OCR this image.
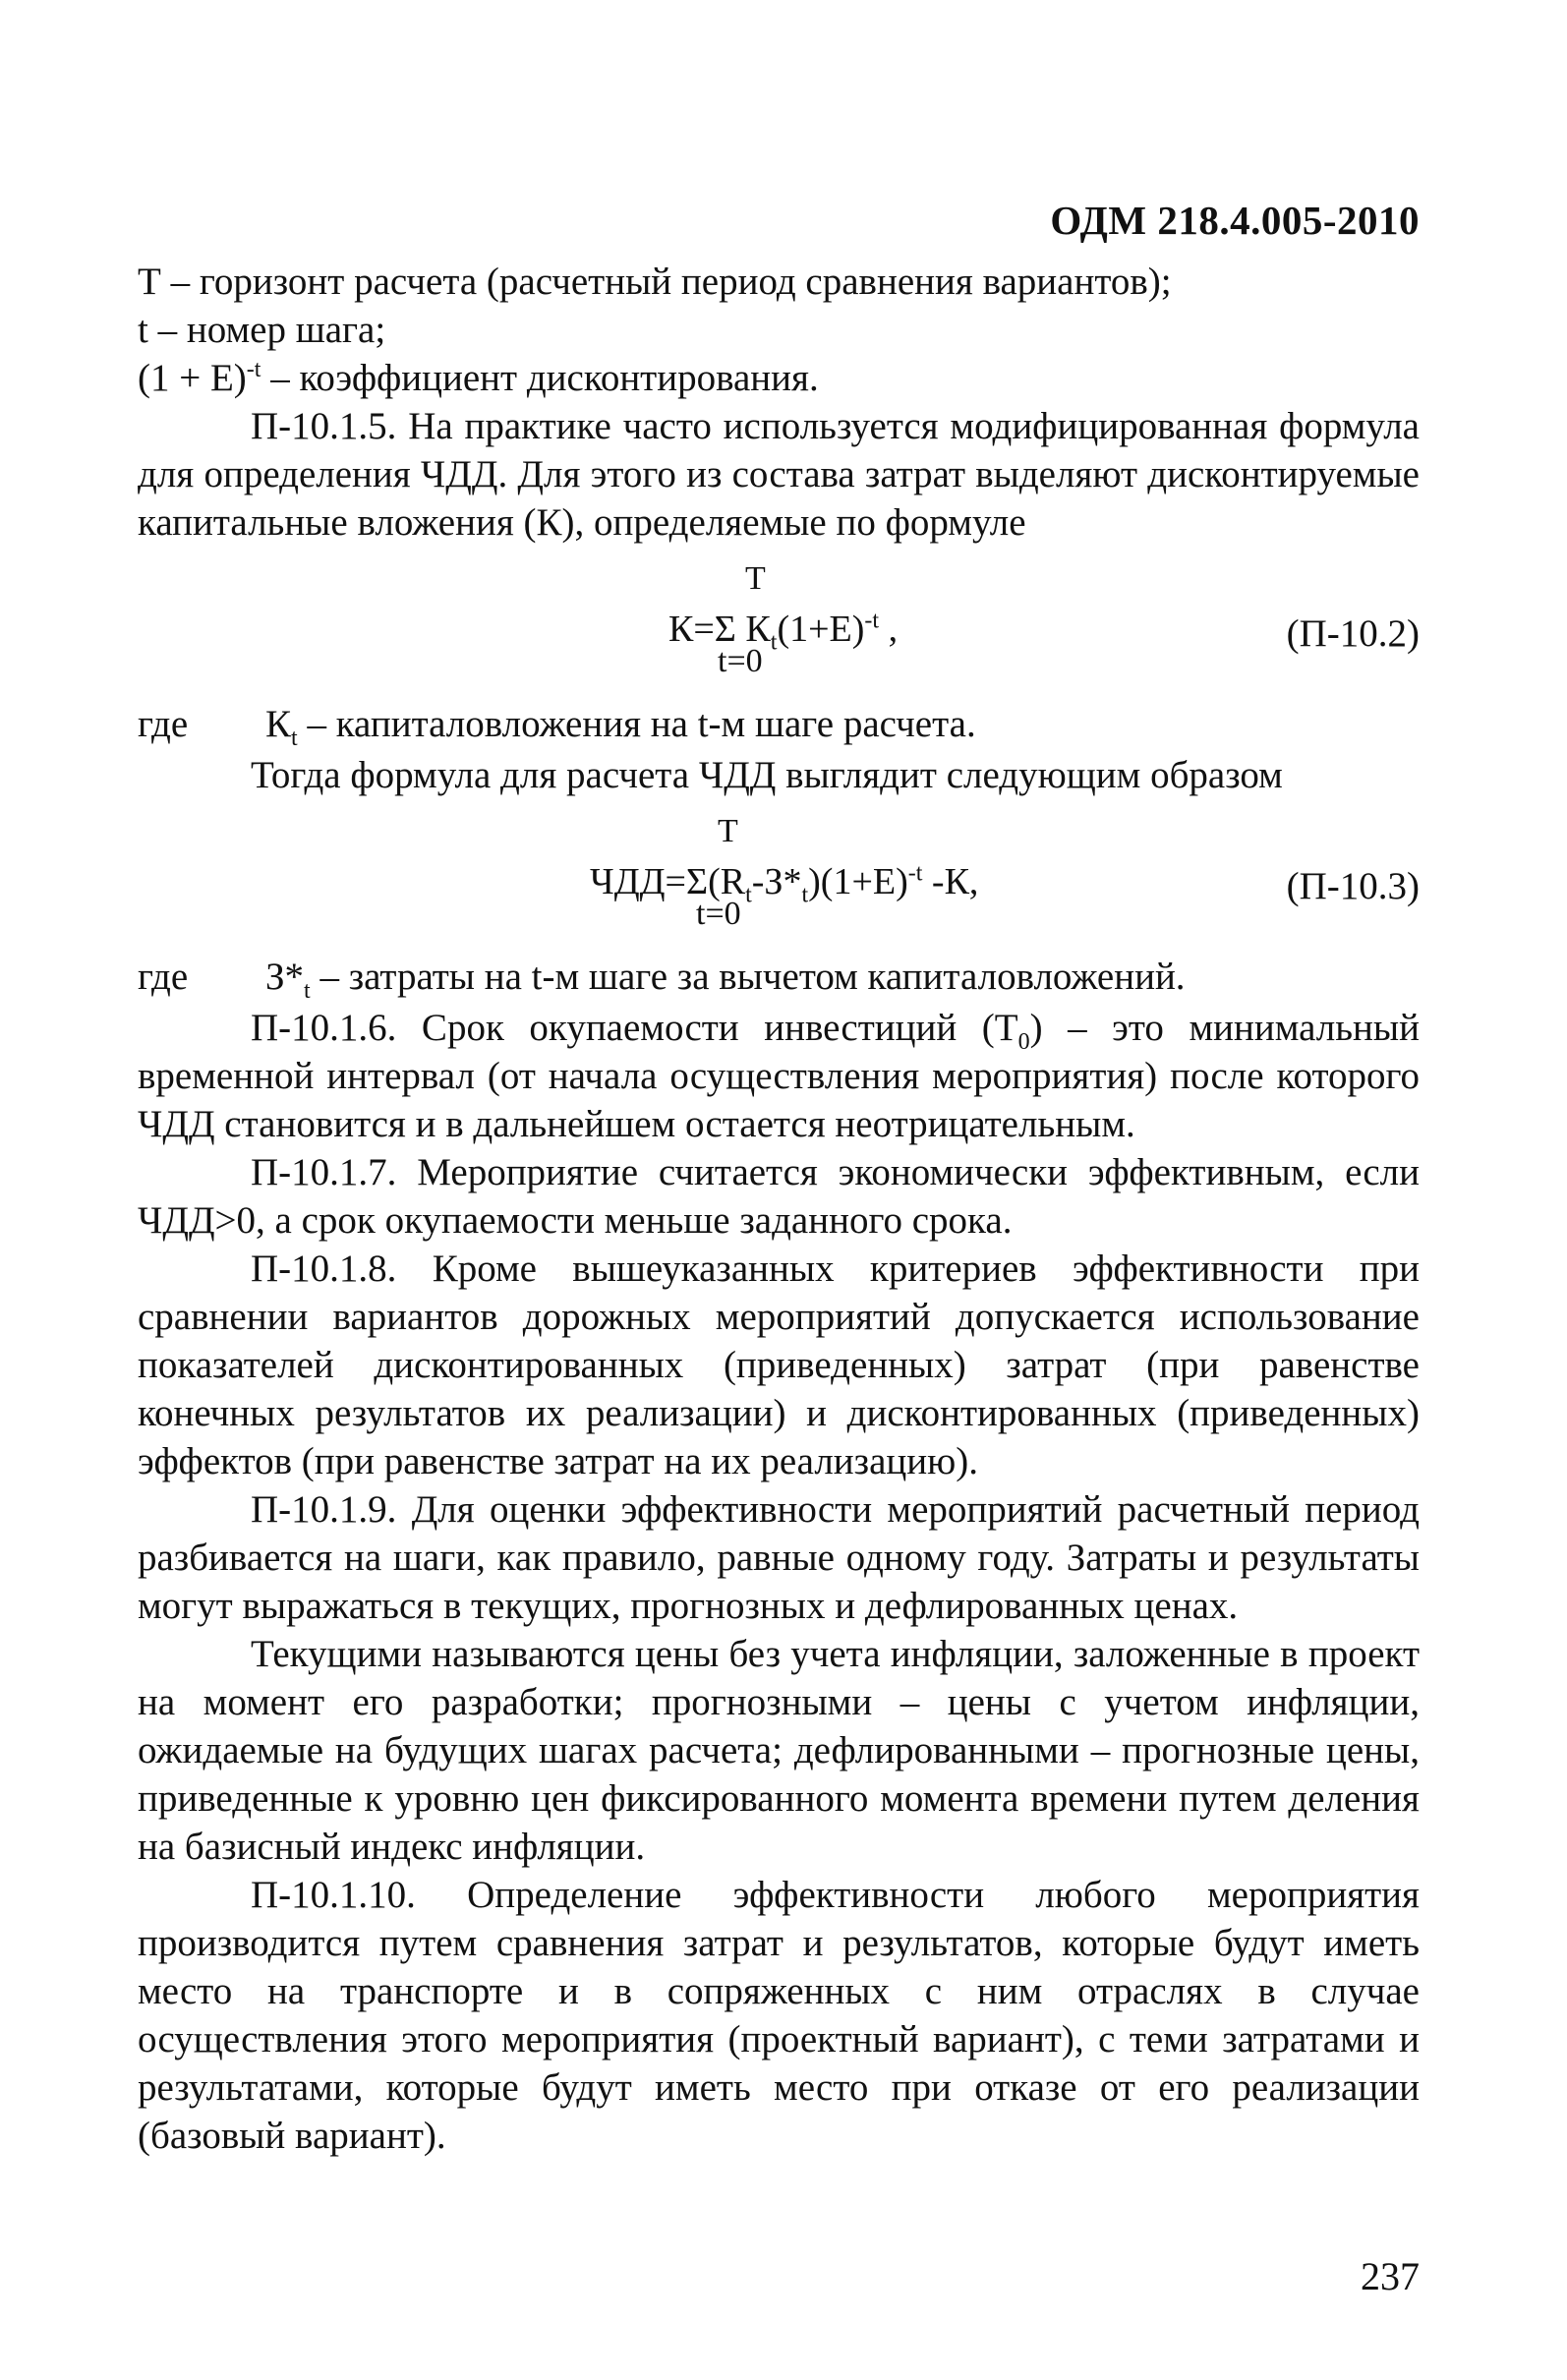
ОДМ 218.4.005-2010

Т – горизонт расчета (расчетный период сравнения вариантов);

t – номер шага;

$(1 + Е)^{-t}$ – коэффициент дисконтирования.

П-10.1.5. На практике часто используется модифицированная формула для определения ЧДД. Для этого из состава затрат выделяют дисконтируемые капитальные вложения (К), определяемые по формуле

T
К=Σ $К_t(1+Е)^{-t}$ ,
t=0
(П-10.2)
где $К_t$ – капиталовложения на t-м шаге расчета.

Тогда формула для расчета ЧДД выглядит следующим образом

T
$ЧДД=\Sigma(R_t-З*_t)(1+Е)^{-t}$ -К,
t=0
(П-10.3)
где $З*_t$ – затраты на t-м шаге за вычетом капиталовложений.

П-10.1.6. Срок окупаемости инвестиций $(Т_0)$ – это минимальный временной интервал (от начала осуществления мероприятия) после которого ЧДД становится и в дальнейшем остается неотрицательным.

П-10.1.7. Мероприятие считается экономически эффективным, если ЧДД>0, а срок окупаемости меньше заданного срока.

П-10.1.8. Кроме вышеуказанных критериев эффективности при сравнении вариантов дорожных мероприятий допускается использование показателей дисконтированных (приведенных) затрат (при равенстве конечных результатов их реализации) и дисконтированных (приведенных) эффектов (при равенстве затрат на их реализацию).

П-10.1.9. Для оценки эффективности мероприятий расчетный период разбивается на шаги, как правило, равные одному году. Затраты и результаты могут выражаться в текущих, прогнозных и дефлированных ценах.

Текущими называются цены без учета инфляции, заложенные в проект на момент его разработки; прогнозными – цены с учетом инфляции, ожидаемые на будущих шагах расчета; дефлированными – прогнозные цены, приведенные к уровню цен фиксированного момента времени путем деления на базисный индекс инфляции.

П-10.1.10. Определение эффективности любого мероприятия производится путем сравнения затрат и результатов, которые будут иметь место на транспорте и в сопряженных с ним отраслях в случае осуществления этого мероприятия (проектный вариант), с теми затратами и результатами, которые будут иметь место при отказе от его реализации (базовый вариант).

237
